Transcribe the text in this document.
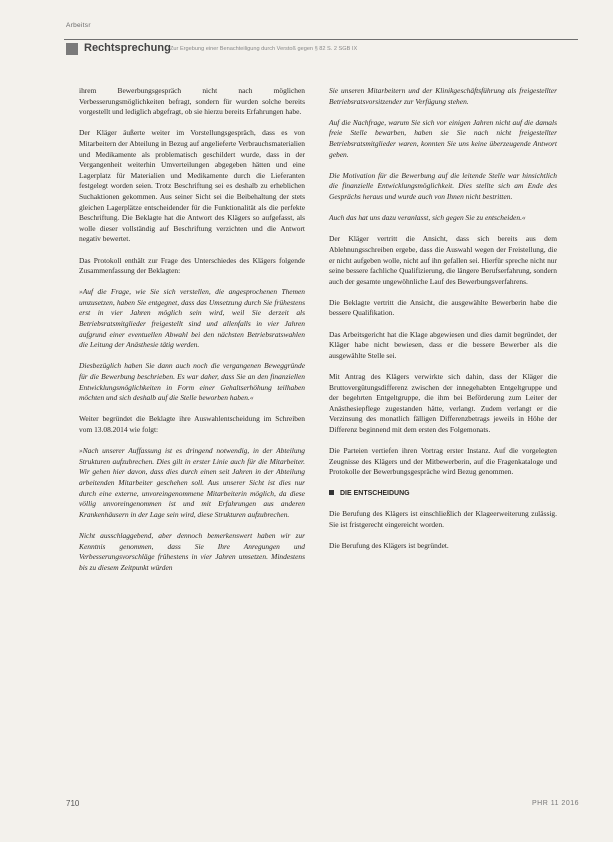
Arbeitsr
Rechtsprechung Zur Ergebung einer Benachteiligung durch Verstoß gegen § 82 S. 2 SGB IX

ihrem Bewerbungsgespräch nicht nach möglichen Verbesserungsmöglichkeiten befragt, sondern für wurden solche bereits vorgestellt und lediglich abgefragt, ob sie hierzu bereits Erfahrungen habe.

Der Kläger äußerte weiter im Vorstellungsgespräch, dass es von Mitarbeitern der Abteilung in Bezug auf angelieferte Verbrauchsmaterialien und Medikamente als problematisch geschildert wurde, dass in der Vergangenheit weiterhin Umverteilungen abgegeben hätten und eine Lagerplatz für Materialien und Medikamente durch die Lieferanten festgelegt worden seien. Trotz Beschriftung sei es deshalb zu erheblichen Suchaktionen gekommen. Aus seiner Sicht sei die Beibehaltung der stets gleichen Lagerplätze entscheidender für die Funktionalität als die perfekte Beschriftung. Die Beklagte hat die Antwort des Klägers so aufgefasst, als wolle dieser vollständig auf Beschriftung verzichten und die Antwort negativ bewertet.

Das Protokoll enthält zur Frage des Unterschiedes des Klägers folgende Zusammenfassung der Beklagten:

»Auf die Frage, wie Sie sich verstellen, die angesprochenen Themen umzusetzen, haben Sie entgegnet, dass das Umsetzung durch Sie frühestens erst in vier Jahren möglich sein wird, weil Sie derzeit als Betriebsratsmitglieder freigestellt sind und allenfalls in vier Jahren aufgrund einer eventuellen Abwahl bei den nächsten Betriebsratswahlen die Leitung der Anästhesie tätig werden.

Diesbezüglich haben Sie dann auch noch die vergangenen Beweggründe für die Bewerbung beschrieben. Es war daher, dass Sie an den finanziellen Entwicklungsmöglichkeiten in Form einer Gehaltserhöhung teilhaben möchten und sich deshalb auf die Stelle beworben haben.«

Weiter begründet die Beklagte ihre Auswahlentscheidung im Schreiben vom 13.08.2014 wie folgt:

»Nach unserer Auffassung ist es dringend notwendig, in der Abteilung Strukturen aufzubrechen. Dies gilt in erster Linie auch für die Mitarbeiter. Wir gehen hier davon, dass dies durch einen seit Jahren in der Abteilung arbeitenden Mitarbeiter geschehen soll. Aus unserer Sicht ist dies nur durch eine externe, unvoreingenommene Mitarbeiterin möglich, da diese völlig unvoreingenommen ist und mit Erfahrungen aus anderen Krankenhäusern in der Lage sein wird, diese Strukturen aufzubrechen.

Nicht ausschlaggebend, aber dennoch bemerkenswert haben wir zur Kenntnis genommen, dass Sie Ihre Anregungen und Verbesserungsvorschläge frühestens in vier Jahren umsetzen. Mindestens bis zu diesem Zeitpunkt würden

Sie unseren Mitarbeitern und der Klinikgeschäftsführung als freigestellter Betriebsratsvorsitzender zur Verfügung stehen.

Auf die Nachfrage, warum Sie sich vor einigen Jahren nicht auf die damals freie Stelle bewarben, haben sie Sie nach nicht freigestellter Betriebsratsmitglieder waren, konnten Sie uns keine überzeugende Antwort geben.

Die Motivation für die Bewerbung auf die leitende Stelle war hinsichtlich die finanzielle Entwicklungsmöglichkeit. Dies stellte sich am Ende des Gesprächs heraus und wurde auch von Ihnen nicht bestritten.

Auch das hat uns dazu veranlasst, sich gegen Sie zu entscheiden.«

Der Kläger vertritt die Ansicht, dass sich bereits aus dem Ablehnungsschreiben ergebe, dass die Auswahl wegen der Freistellung, die er nicht aufgeben wolle, nicht auf ihn gefallen sei. Hierfür spreche nicht nur seine bessere fachliche Qualifizierung, die längere Berufserfahrung, sondern auch der gesamte ungewöhnliche Lauf des Bewerbungsverfahrens.

Die Beklagte vertritt die Ansicht, die ausgewählte Bewerberin habe die bessere Qualifikation.

Das Arbeitsgericht hat die Klage abgewiesen und dies damit begründet, der Kläger habe nicht bewiesen, dass er die bessere Bewerber als die ausgewählte Stelle sei.

Mit Antrag des Klägers verwirkte sich dahin, dass der Kläger die Bruttovergütungsdifferenz zwischen der innegehabten Entgeltgruppe und der begehrten Entgeltgruppe, die ihm bei Beförderung zum Leiter der Anästhesiepflege zugestanden hätte, verlangt. Zudem verlangt er die Verzinsung des monatlich fälligen Differenzbetrags jeweils in Höhe der Differenz beginnend mit dem ersten des Folgemonats.

Die Parteien vertiefen ihren Vortrag erster Instanz. Auf die vorgelegten Zeugnisse des Klägers und der Mitbewerberin, auf die Fragenkataloge und Protokolle der Bewerbungsgespräche wird Bezug genommen.

DIE ENTSCHEIDUNG

Die Berufung des Klägers ist einschließlich der Klageerweiterung zulässig. Sie ist fristgerecht eingereicht worden.

Die Berufung des Klägers ist begründet.

710	PHR 11 2016
